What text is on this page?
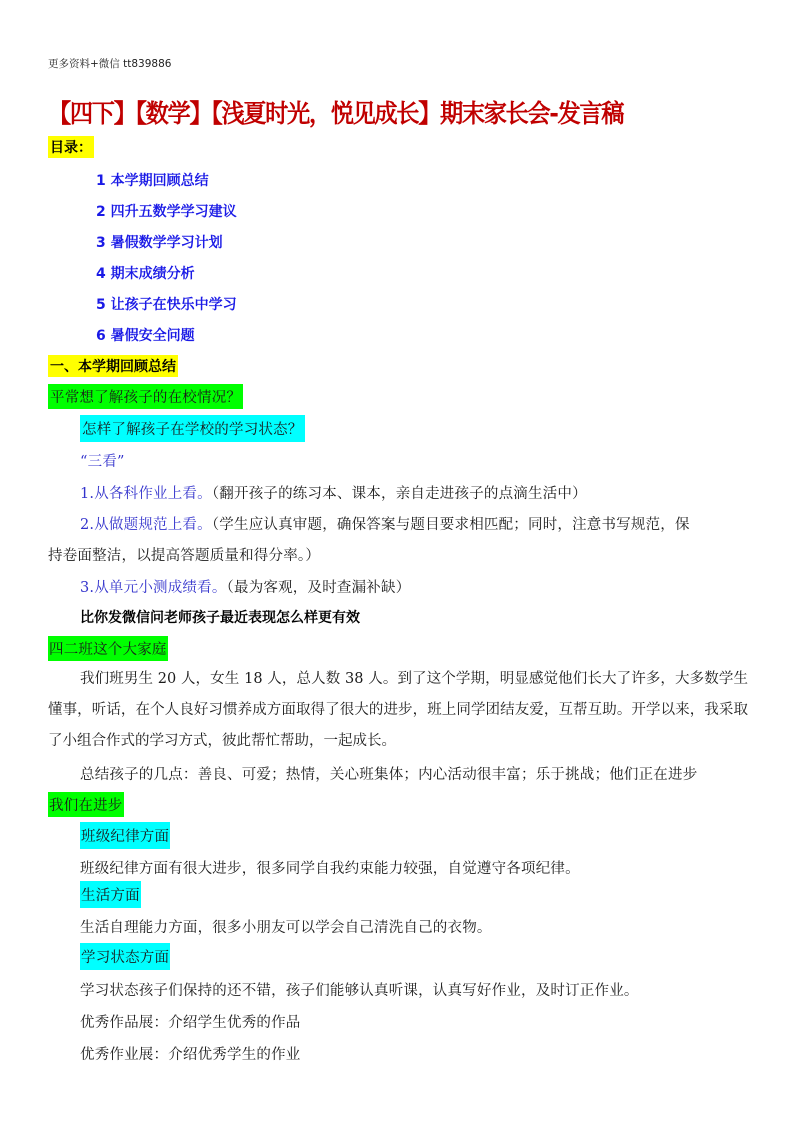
更多资料+微信 tt839886
【四下】【数学】【浅夏时光，悦见成长】期末家长会-发言稿
目录：
1 本学期回顾总结
2 四升五数学学习建议
3 暑假数学学习计划
4 期末成绩分析
5 让孩子在快乐中学习
6 暑假安全问题
一、本学期回顾总结
平常想了解孩子的在校情况？
怎样了解孩子在学校的学习状态？
“三看”
1.从各科作业上看。（翻开孩子的练习本、课本，亲自走进孩子的点滴生活中）
2.从做题规范上看。（学生应认真审题，确保答案与题目要求相匹配；同时，注意书写规范，保
持卷面整洁，以提高答题质量和得分率。）
3.从单元小测成绩看。（最为客观，及时查漏补缺）
比你发微信问老师孩子最近表现怎么样更有效
四二班这个大家庭
我们班男生 20 人，女生 18 人，总人数 38 人。到了这个学期，明显感觉他们长大了许多，大多数学生懂事，听话，在个人良好习惯养成方面取得了很大的进步，班上同学团结友爱，互帮互助。开学以来，我采取了小组合作式的学习方式，彼此帮忙帮助，一起成长。
总结孩子的几点：善良、可爱；热情，关心班集体；内心活动很丰富；乐于挑战；他们正在进步
我们在进步
班级纪律方面
班级纪律方面有很大进步，很多同学自我约束能力较强，自觉遵守各项纪律。
生活方面
生活自理能力方面，很多小朋友可以学会自己清洗自己的衣物。
学习状态方面
学习状态孩子们保持的还不错，孩子们能够认真听课，认真写好作业，及时订正作业。
优秀作品展：介绍学生优秀的作品
优秀作业展：介绍优秀学生的作业
